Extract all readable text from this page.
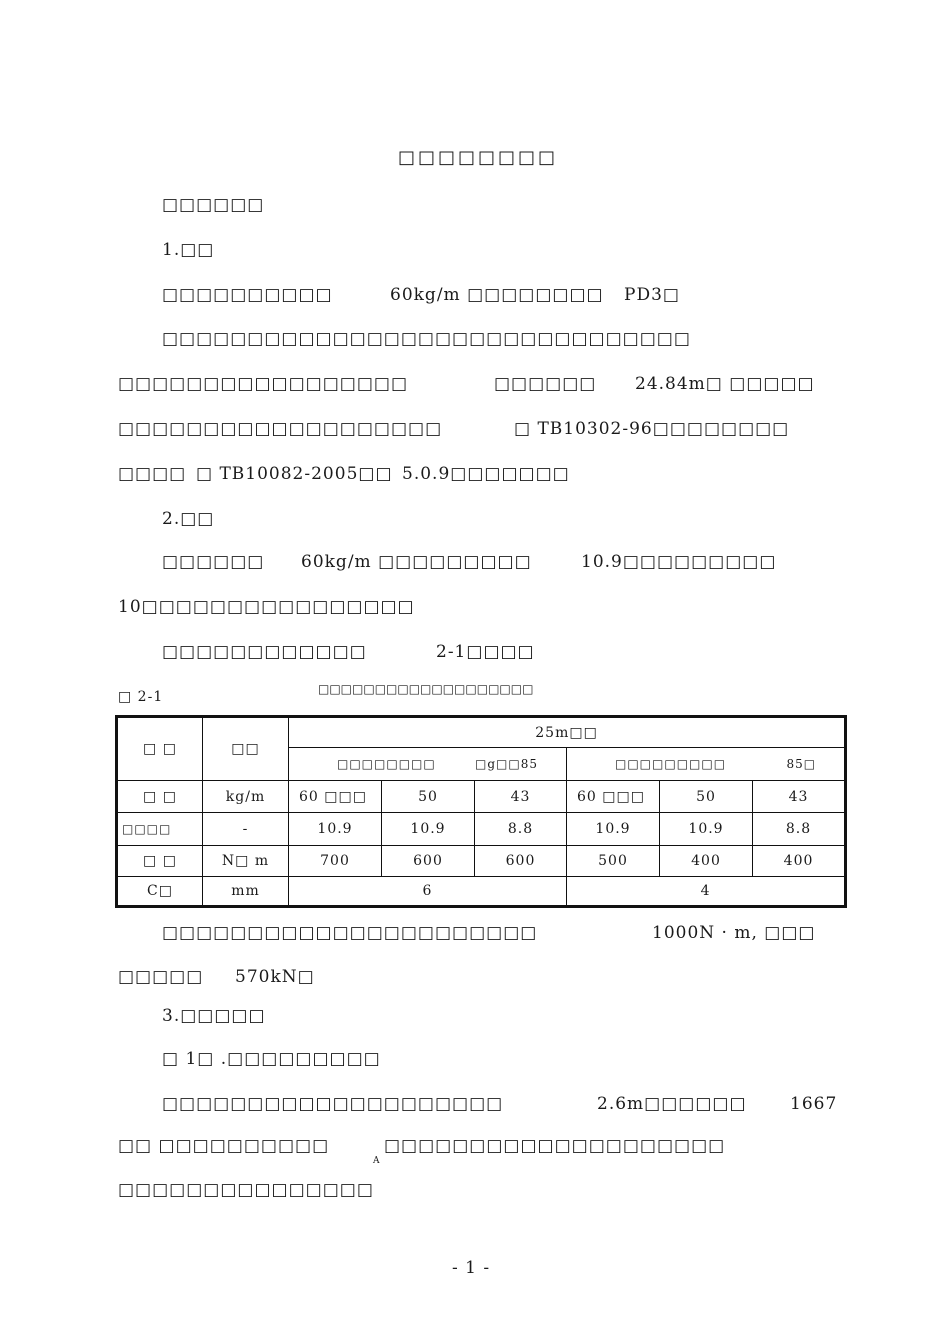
□□□□□□□□
□□□□□□
1.□□
□□□□□□□□□□	60kg/m □□□□□□□□ PD3□
□□□□□□□□□□□□□□□□□□□□□□□□□□□□□□□
□□□□□□□□□□□□□□□□□	□□□□□□ 24.84m□ □□□□□
□□□□□□□□□□□□□□□□□□□	□ TB10302-96□□□□□□□□
□□□□ □ TB10082-2005□□ 5.0.9□□□□□□□
2.□□
□□□□□□ 60kg/m □□□□□□□□□	10.9□□□□□□□□□
10□□□□□□□□□□□□□□□□
□□□□□□□□□□□□	2-1□□□□
□ 2-1	□□□□□□□□□□□□□□□□□□□
□ □	□□	25m□□					

		□□□□□□□□ □g□□85			□□□□□□□□□ 85□		

□ □	kg/m	60 □□□	50	43	60 □□□	50	43
□□□□	-	10.9	10.9	8.8	10.9	10.9	8.8
□ □	N□ m	700	600	600	500	400	400
C□	mm	6			4		
□□□□□□□□□□□□□□□□□□□□□□	1000N · m, □□□
□□□□□ 570kN□
3.□□□□□
□ 1□ .□□□□□□□□□
□□□□□□□□□□□□□□□□□□□□	2.6m□□□□□□	1667
□□ □□□□□□□□□□
A
□□□□□□□□□□□□□□□□□□□□
□□□□□□□□□□□□□□□
- 1 -
